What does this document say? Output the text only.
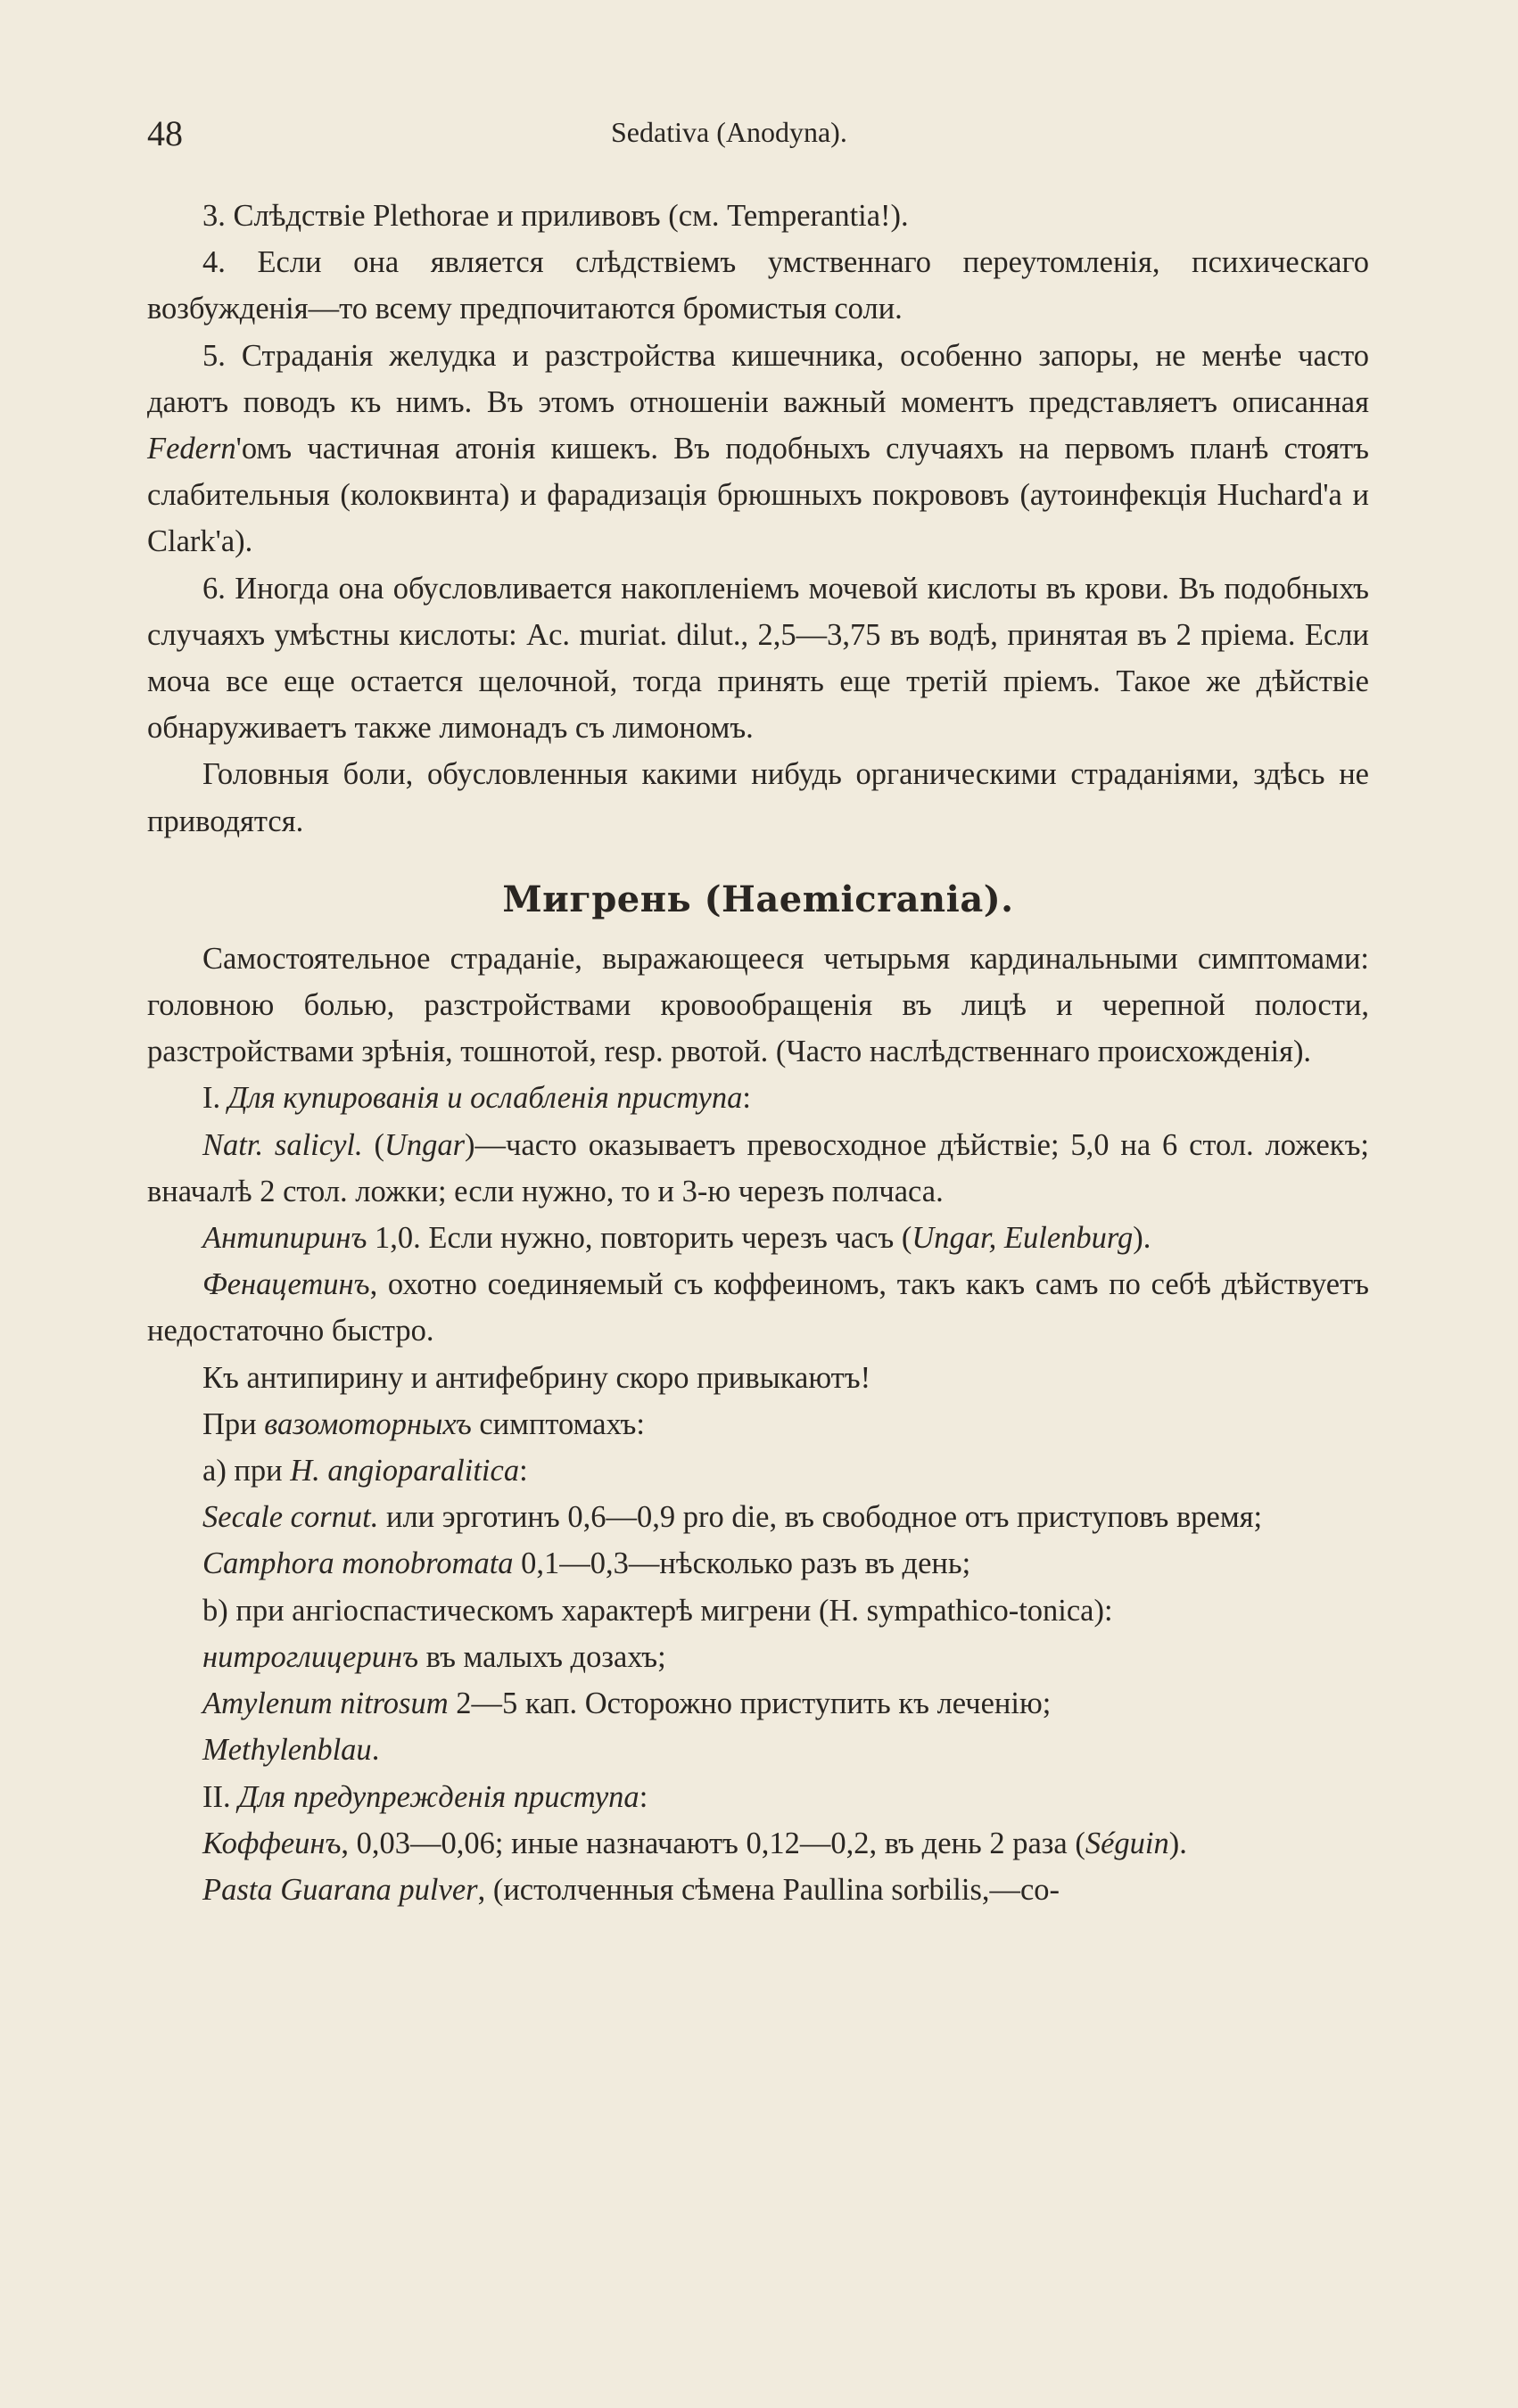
48	Sedativa (Anodyna).

3. Слѣдствіе Plethorae и приливовъ (см. Temperantia!).

4. Если она является слѣдствіемъ умственнаго переутомленія, психическаго возбужденія—то всему предпочитаются бромистыя соли.

5. Страданія желудка и разстройства кишечника, особенно запоры, не менѣе часто даютъ поводъ къ нимъ. Въ этомъ отношеніи важный моментъ представляетъ описанная Federn'омъ частичная атонія кишекъ. Въ подобныхъ случаяхъ на первомъ планѣ стоятъ слабительныя (колоквинта) и фарадизація брюшныхъ покрововъ (аутоинфекція Huchard'a и Clark'a).

6. Иногда она обусловливается накопленіемъ мочевой кислоты въ крови. Въ подобныхъ случаяхъ умѣстны кислоты: Ac. muriat. dilut., 2,5—3,75 въ водѣ, принятая въ 2 пріема. Если моча все еще остается щелочной, тогда принять еще третій пріемъ. Такое же дѣйствіе обнаруживаетъ также лимонадъ съ лимономъ.

Головныя боли, обусловленныя какими нибудь органическими страданіями, здѣсь не приводятся.

Мигрень (Haemicrania).

Самостоятельное страданіе, выражающееся четырьмя кардинальными симптомами: головною болью, разстройствами кровообращенія въ лицѣ и черепной полости, разстройствами зрѣнія, тошнотой, resp. рвотой. (Часто наслѣдственнаго происхожденія).

I. Для купированія и ослабленія приступа:

Natr. salicyl. (Ungar)—часто оказываетъ превосходное дѣйствіе; 5,0 на 6 стол. ложекъ; вначалѣ 2 стол. ложки; если нужно, то и 3-ю черезъ полчаса.

Антипиринъ 1,0. Если нужно, повторить черезъ часъ (Ungar, Eulenburg).

Фенацетинъ, охотно соединяемый съ коффеиномъ, такъ какъ самъ по себѣ дѣйствуетъ недостаточно быстро.

Къ антипирину и антифебрину скоро привыкаютъ!

При вазомоторныхъ симптомахъ:

а) при H. angioparalitica:

Secale cornut. или эрготинъ 0,6—0,9 pro die, въ свободное отъ приступовъ время;

Camphora monobromata 0,1—0,3—нѣсколько разъ въ день;

b) при ангіоспастическомъ характерѣ мигрени (H. sympathico-tonica):

нитроглицеринъ въ малыхъ дозахъ;

Amylenum nitrosum 2—5 кап. Осторожно приступить къ леченію;

Methylenblau.

II. Для предупрежденія приступа:

Коффеинъ, 0,03—0,06; иные назначаютъ 0,12—0,2, въ день 2 раза (Séguin).

Pasta Guarana pulver, (истолченныя сѣмена Paullina sorbilis,—со-
